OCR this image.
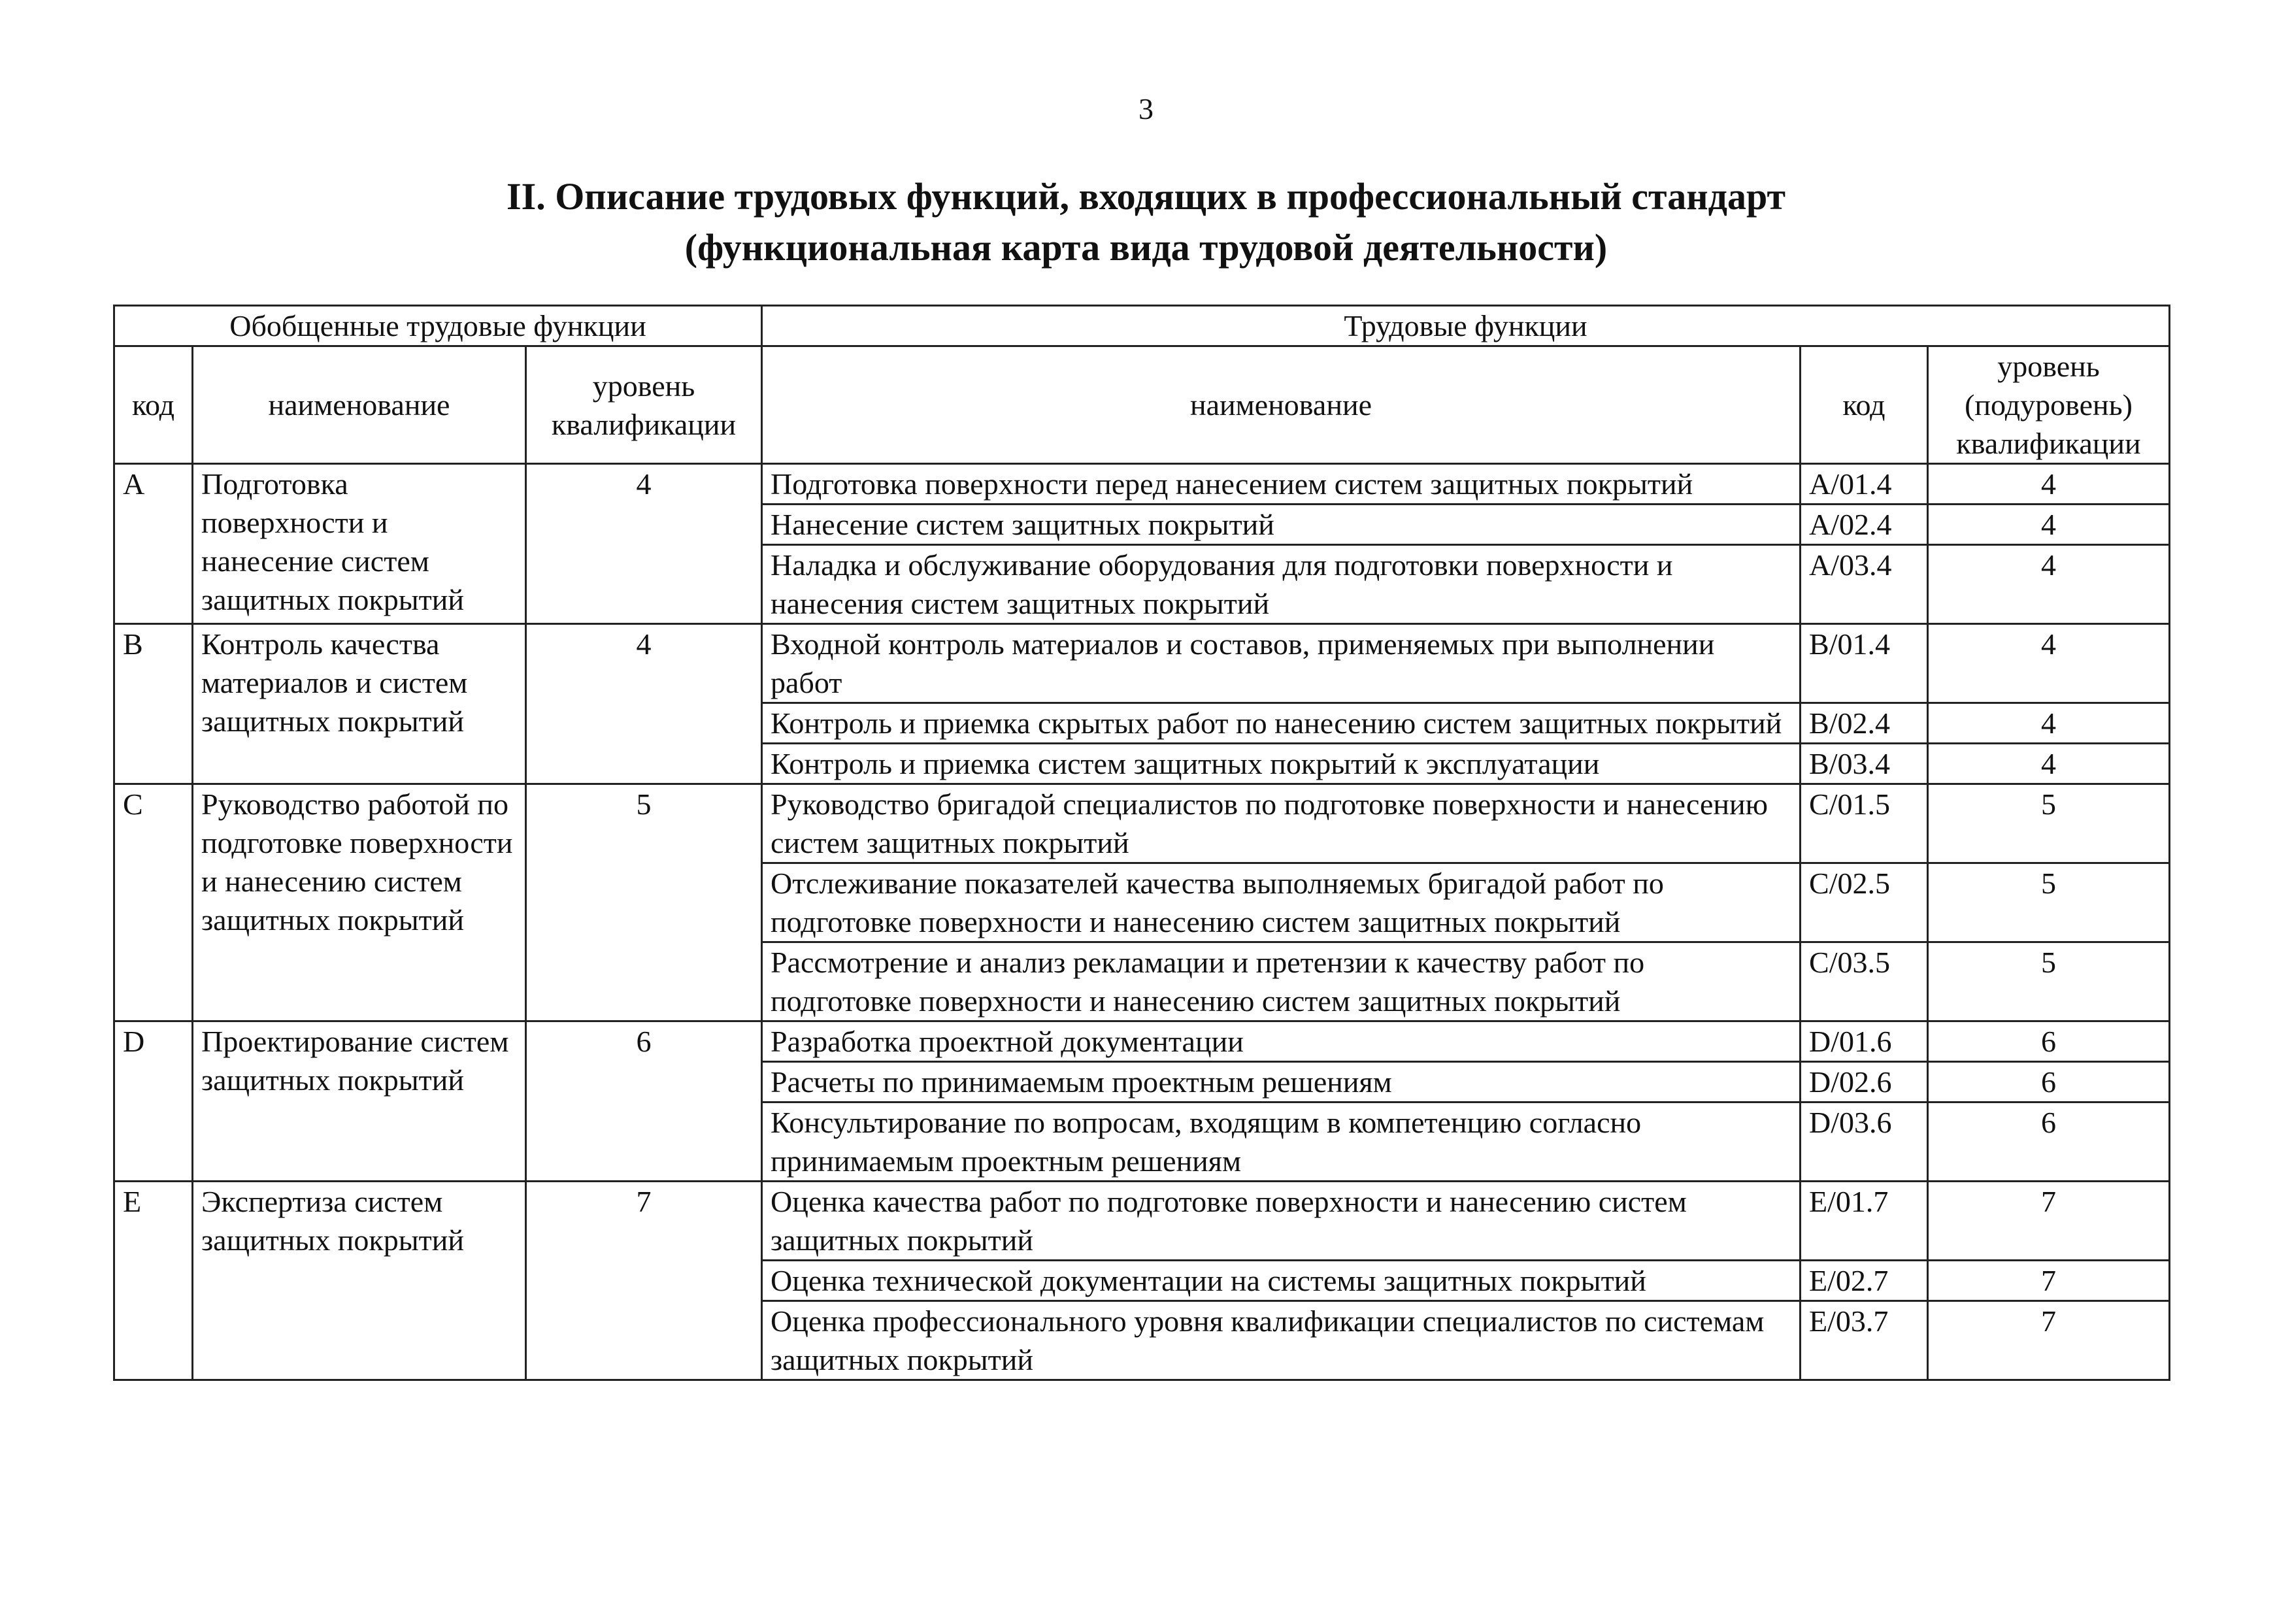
3
II. Описание трудовых функций, входящих в профессиональный стандарт
(функциональная карта вида трудовой деятельности)
Обобщенные трудовые функции			Трудовые функции		
код	наименование	уровень квалификации	наименование	код	уровень (подуровень) квалификации
A	Подготовка поверхности и нанесение систем защитных покрытий	4	Подготовка поверхности перед нанесением систем защитных покрытий	A/01.4	4
			Нанесение систем защитных покрытий	A/02.4	4
			Наладка и обслуживание оборудования для подготовки поверхности и нанесения систем защитных покрытий	A/03.4	4
B	Контроль качества материалов и систем защитных покрытий	4	Входной контроль материалов и составов, применяемых при выполнении работ	B/01.4	4
			Контроль и приемка скрытых работ по нанесению систем защитных покрытий	B/02.4	4
			Контроль и приемка систем защитных покрытий к эксплуатации	B/03.4	4
C	Руководство работой по подготовке поверхности и нанесению систем защитных покрытий	5	Руководство бригадой специалистов по подготовке поверхности и нанесению систем защитных покрытий	C/01.5	5
			Отслеживание показателей качества выполняемых бригадой работ по подготовке поверхности и нанесению систем защитных покрытий	C/02.5	5
			Рассмотрение и анализ рекламации и претензии к качеству работ по подготовке поверхности и нанесению систем защитных покрытий	C/03.5	5
D	Проектирование систем защитных покрытий	6	Разработка проектной документации	D/01.6	6
			Расчеты по принимаемым проектным решениям	D/02.6	6
			Консультирование по вопросам, входящим в компетенцию согласно принимаемым проектным решениям	D/03.6	6
E	Экспертиза систем защитных покрытий	7	Оценка качества работ по подготовке поверхности и нанесению систем защитных покрытий	E/01.7	7
			Оценка технической документации на системы защитных покрытий	E/02.7	7
			Оценка профессионального уровня квалификации специалистов по системам защитных покрытий	E/03.7	7
